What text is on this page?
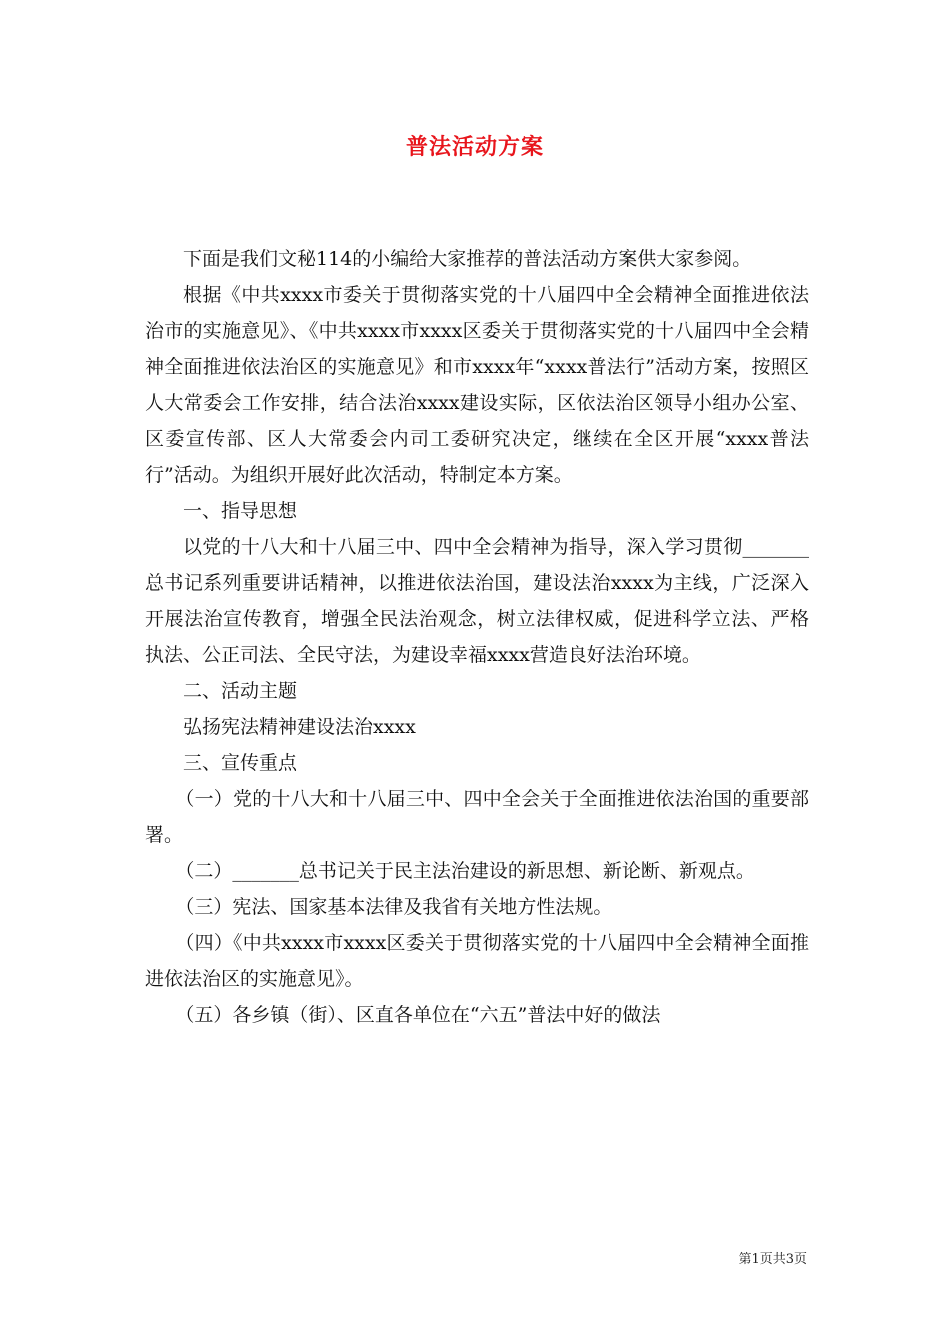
普法活动方案

下面是我们文秘114的小编给大家推荐的普法活动方案供大家参阅。

根据《中共xxxx市委关于贯彻落实党的十八届四中全会精神全面推进依法治市的实施意见》、《中共xxxx市xxxx区委关于贯彻落实党的十八届四中全会精神全面推进依法治区的实施意见》和市xxxx年“xxxx普法行”活动方案，按照区人大常委会工作安排，结合法治xxxx建设实际，区依法治区领导小组办公室、区委宣传部、区人大常委会内司工委研究决定，继续在全区开展“xxxx普法行”活动。为组织开展好此次活动，特制定本方案。

一、指导思想

以党的十八大和十八届三中、四中全会精神为指导，深入学习贯彻_______总书记系列重要讲话精神，以推进依法治国，建设法治xxxx为主线，广泛深入开展法治宣传教育，增强全民法治观念，树立法律权威，促进科学立法、严格执法、公正司法、全民守法，为建设幸福xxxx营造良好法治环境。

二、活动主题

弘扬宪法精神建设法治xxxx

三、宣传重点

（一）党的十八大和十八届三中、四中全会关于全面推进依法治国的重要部署。

（二）_______总书记关于民主法治建设的新思想、新论断、新观点。

（三）宪法、国家基本法律及我省有关地方性法规。

（四）《中共xxxx市xxxx区委关于贯彻落实党的十八届四中全会精神全面推进依法治区的实施意见》。

（五）各乡镇（街）、区直各单位在“六五”普法中好的做法

第1页共3页
